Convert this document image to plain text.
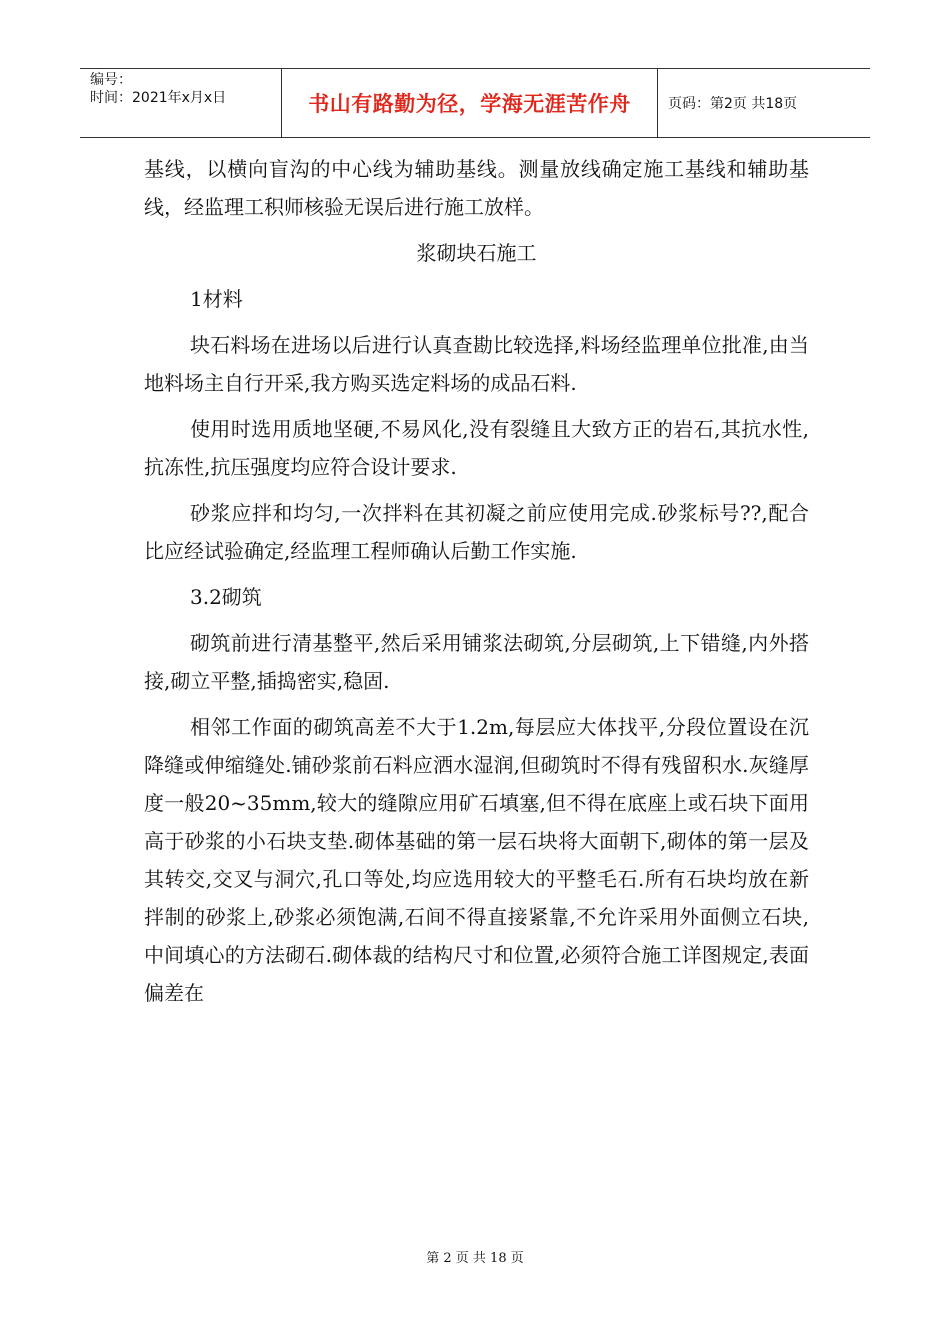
编号：
时间：2021年x月x日	书山有路勤为径，学海无涯苦作舟	页码：第2页 共18页

基线，以横向盲沟的中心线为辅助基线。测量放线确定施工基线和辅助基线，经监理工积师核验无误后进行施工放样。

浆砌块石施工

1材料

块石料场在进场以后进行认真查勘比较选择,料场经监理单位批准,由当地料场主自行开采,我方购买选定料场的成品石料.

使用时选用质地坚硬,不易风化,没有裂缝且大致方正的岩石,其抗水性,抗冻性,抗压强度均应符合设计要求.

砂浆应拌和均匀,一次拌料在其初凝之前应使用完成.砂浆标号??,配合比应经试验确定,经监理工程师确认后勤工作实施.

3.2砌筑

砌筑前进行清基整平,然后采用铺浆法砌筑,分层砌筑,上下错缝,内外搭接,砌立平整,插捣密实,稳固.

相邻工作面的砌筑高差不大于1.2m,每层应大体找平,分段位置设在沉降缝或伸缩缝处.铺砂浆前石料应洒水湿润,但砌筑时不得有残留积水.灰缝厚度一般20~35mm,较大的缝隙应用矿石填塞,但不得在底座上或石块下面用高于砂浆的小石块支垫.砌体基础的第一层石块将大面朝下,砌体的第一层及其转交,交叉与洞穴,孔口等处,均应选用较大的平整毛石.所有石块均放在新拌制的砂浆上,砂浆必须饱满,石间不得直接紧靠,不允许采用外面侧立石块,中间填心的方法砌石.砌体裁的结构尺寸和位置,必须符合施工详图规定,表面偏差在

第 2 页 共 18 页
